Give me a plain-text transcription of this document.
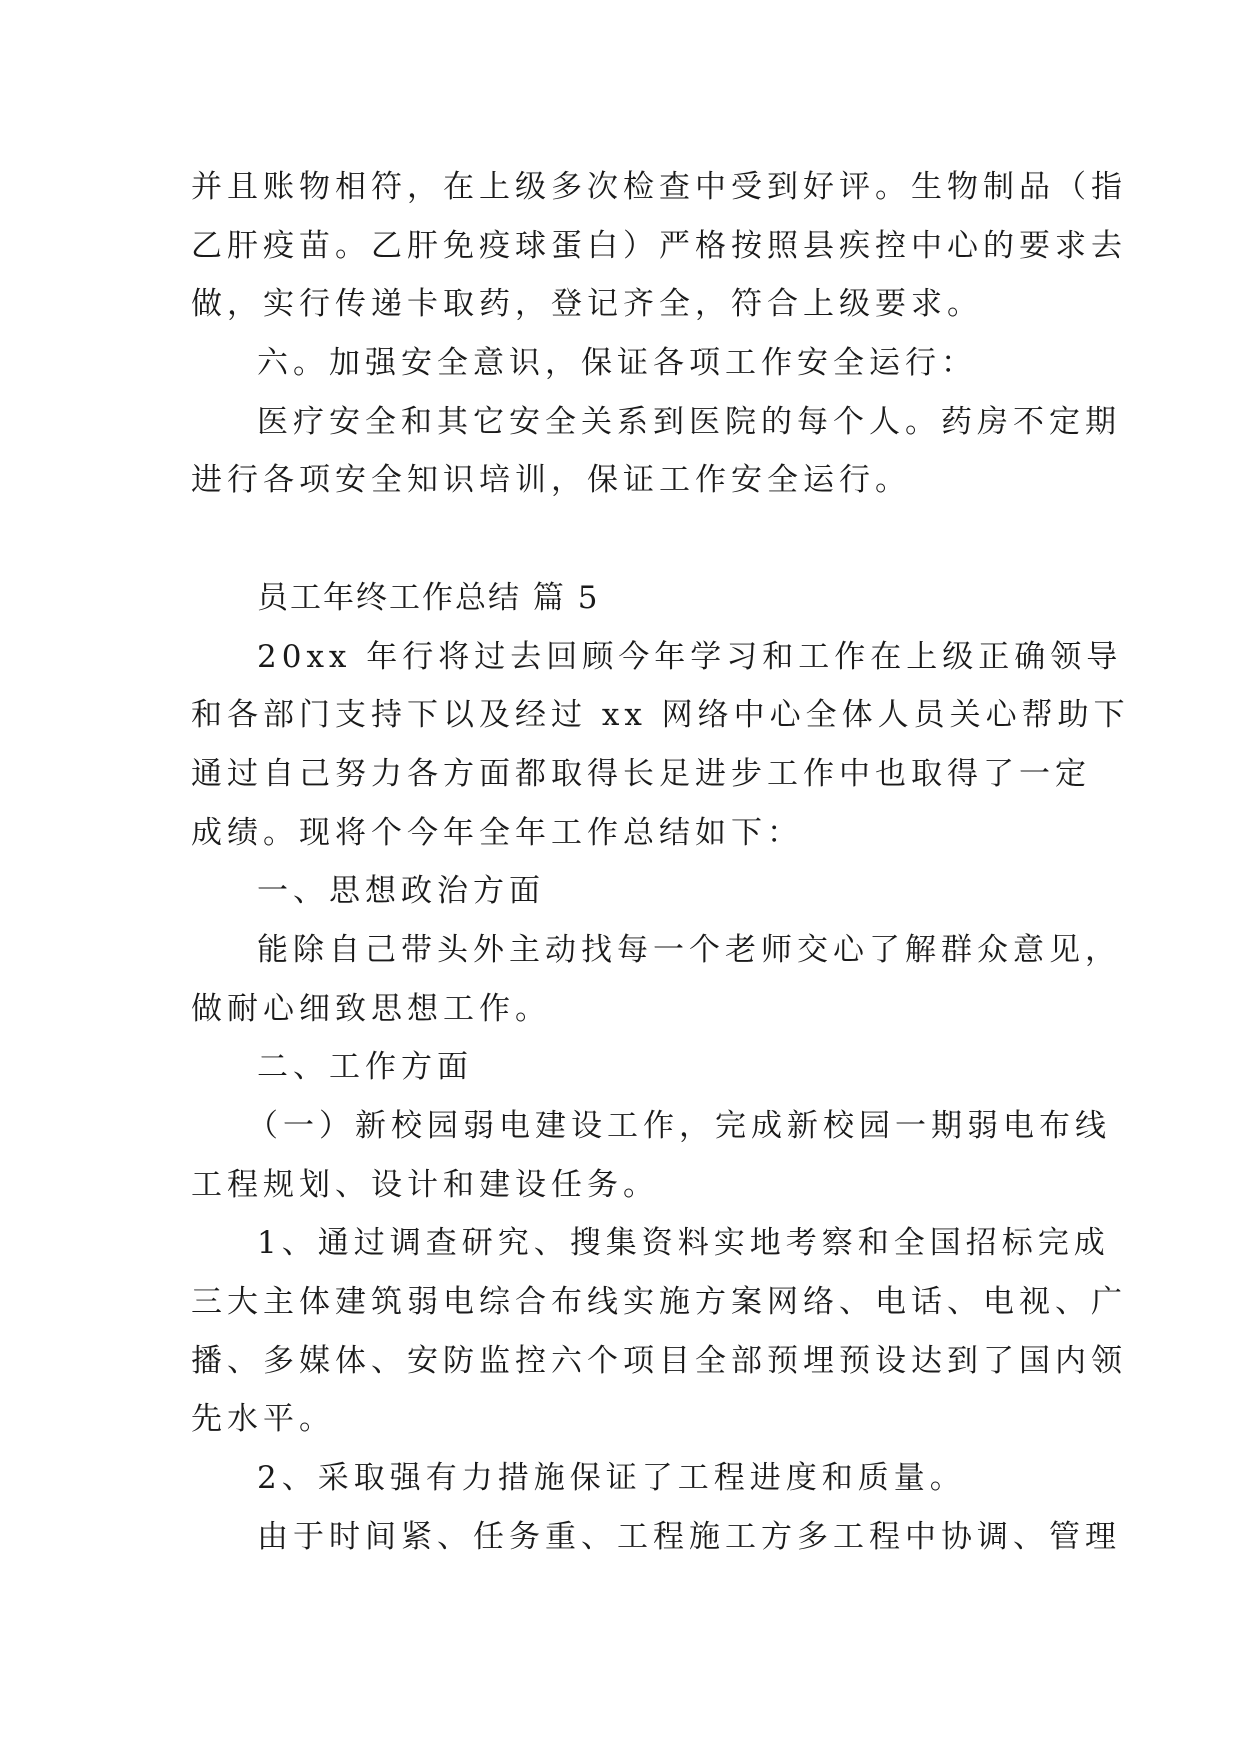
并且账物相符，在上级多次检查中受到好评。生物制品（指
乙肝疫苗。乙肝免疫球蛋白）严格按照县疾控中心的要求去
做，实行传递卡取药，登记齐全，符合上级要求。
六。加强安全意识，保证各项工作安全运行：
医疗安全和其它安全关系到医院的每个人。药房不定期
进行各项安全知识培训，保证工作安全运行。
员工年终工作总结 篇 5
20xx 年行将过去回顾今年学习和工作在上级正确领导
和各部门支持下以及经过 xx 网络中心全体人员关心帮助下
通过自己努力各方面都取得长足进步工作中也取得了一定
成绩。现将个今年全年工作总结如下：
一、思想政治方面
能除自己带头外主动找每一个老师交心了解群众意见，
做耐心细致思想工作。
二、工作方面
（一）新校园弱电建设工作，完成新校园一期弱电布线
工程规划、设计和建设任务。
1、通过调查研究、搜集资料实地考察和全国招标完成
三大主体建筑弱电综合布线实施方案网络、电话、电视、广
播、多媒体、安防监控六个项目全部预埋预设达到了国内领
先水平。
2、采取强有力措施保证了工程进度和质量。
由于时间紧、任务重、工程施工方多工程中协调、管理
